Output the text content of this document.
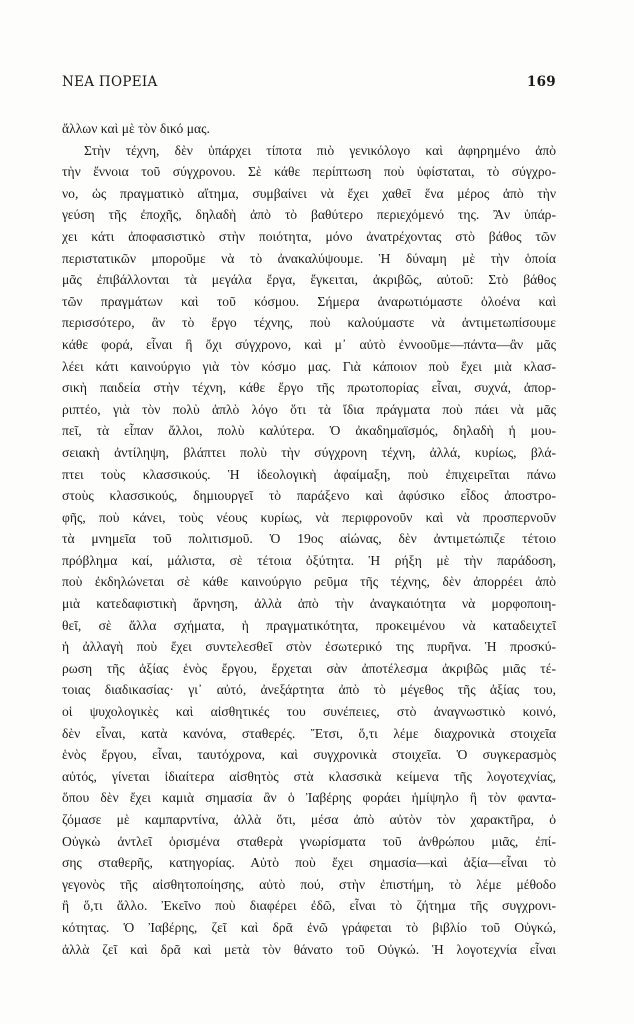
ΝΕΑ ΠΟΡΕΙΑ	169
ἄλλων καὶ μὲ τὸν δικό μας.
Στὴν τέχνη, δὲν ὑπάρχει τίποτα πιὸ γενικόλογο καὶ ἀφηρημένο ἀπὸ
τὴν ἔννοια τοῦ σύγχρονου. Σὲ κάθε περίπτωση ποὺ ὑφίσταται, τὸ σύγχρο-
νο, ὡς πραγματικὸ αἴτημα, συμβαίνει νὰ ἔχει χαθεῖ ἕνα μέρος ἀπὸ τὴν
γεύση τῆς ἐποχῆς, δηλαδὴ ἀπὸ τὸ βαθύτερο περιεχόμενό της. Ἂν ὑπάρ-
χει κάτι ἀποφασιστικὸ στὴν ποιότητα, μόνο ἀνατρέχοντας στὸ βάθος τῶν
περιστατικῶν μποροῦμε νὰ τὸ ἀνακαλύψουμε. Ἡ δύναμη μὲ τὴν ὁποία
μᾶς ἐπιβάλλονται τὰ μεγάλα ἔργα, ἔγκειται, ἀκριβῶς, αὐτοῦ: Στὸ βάθος
τῶν πραγμάτων καὶ τοῦ κόσμου. Σήμερα ἀναρωτιόμαστε ὁλοένα καὶ
περισσότερο, ἂν τὸ ἔργο τέχνης, ποὺ καλούμαστε νὰ ἀντιμετωπίσουμε
κάθε φορά, εἶναι ἢ ὄχι σύγχρονο, καὶ μ᾿ αὐτὸ ἐννοοῦμε—πάντα—ἂν μᾶς
λέει κάτι καινούργιο γιὰ τὸν κόσμο μας. Γιὰ κάποιον ποὺ ἔχει μιὰ κλασ-
σικὴ παιδεία στὴν τέχνη, κάθε ἔργο τῆς πρωτοπορίας εἶναι, συχνά, ἀπορ-
ριπτέο, γιὰ τὸν πολὺ ἁπλὸ λόγο ὅτι τὰ ἴδια πράγματα ποὺ πάει νὰ μᾶς
πεῖ, τὰ εἶπαν ἄλλοι, πολὺ καλύτερα. Ὁ ἀκαδημαϊσμός, δηλαδὴ ἡ μου-
σειακὴ ἀντίληψη, βλάπτει πολὺ τὴν σύγχρονη τέχνη, ἀλλά, κυρίως, βλά-
πτει τοὺς κλασσικούς. Ἡ ἰδεολογικὴ ἀφαίμαξη, ποὺ ἐπιχειρεῖται πάνω
στοὺς κλασσικούς, δημιουργεῖ τὸ παράξενο καὶ ἀφύσικο εἶδος ἀποστρο-
φῆς, ποὺ κάνει, τοὺς νέους κυρίως, νὰ περιφρονοῦν καὶ νὰ προσπερνοῦν
τὰ μνημεῖα τοῦ πολιτισμοῦ. Ὁ 19ος αἰώνας, δὲν ἀντιμετώπιζε τέτοιο
πρόβλημα καί, μάλιστα, σὲ τέτοια ὀξύτητα. Ἡ ρήξη μὲ τὴν παράδοση,
ποὺ ἐκδηλώνεται σὲ κάθε καινούργιο ρεῦμα τῆς τέχνης, δὲν ἀπορρέει ἀπὸ
μιὰ κατεδαφιστικὴ ἄρνηση, ἀλλὰ ἀπὸ τὴν ἀναγκαιότητα νὰ μορφοποιη-
θεῖ, σὲ ἄλλα σχήματα, ἡ πραγματικότητα, προκειμένου νὰ καταδειχτεῖ
ἡ ἀλλαγὴ ποὺ ἔχει συντελεσθεῖ στὸν ἐσωτερικό της πυρῆνα. Ἡ προσκύ-
ρωση τῆς ἀξίας ἑνὸς ἔργου, ἔρχεται σὰν ἀποτέλεσμα ἀκριβῶς μιᾶς τέ-
τοιας διαδικασίας· γι᾿ αὐτό, ἀνεξάρτητα ἀπὸ τὸ μέγεθος τῆς ἀξίας του,
οἱ ψυχολογικὲς καὶ αἰσθητικές του συνέπειες, στὸ ἀναγνωστικὸ κοινό,
δὲν εἶναι, κατὰ κανόνα, σταθερές. Ἔτσι, ὅ,τι λέμε διαχρονικὰ στοιχεῖα
ἑνὸς ἔργου, εἶναι, ταυτόχρονα, καὶ συγχρονικὰ στοιχεῖα. Ὁ συγκερασμὸς
αὐτός, γίνεται ἰδιαίτερα αἰσθητὸς στὰ κλασσικὰ κείμενα τῆς λογοτεχνίας,
ὅπου δὲν ἔχει καμιὰ σημασία ἂν ὁ Ἰαβέρης φοράει ἡμίψηλο ἢ τὸν φαντα-
ζόμασε μὲ καμπαρντίνα, ἀλλὰ ὅτι, μέσα ἀπὸ αὐτὸν τὸν χαρακτῆρα, ὁ
Οὐγκὼ ἀντλεῖ ὁρισμένα σταθερὰ γνωρίσματα τοῦ ἀνθρώπου μιᾶς, ἐπί-
σης σταθερῆς, κατηγορίας. Αὐτὸ ποὺ ἔχει σημασία—καὶ ἀξία—εἶναι τὸ
γεγονὸς τῆς αἰσθητοποίησης, αὐτὸ πού, στὴν ἐπιστήμη, τὸ λέμε μέθοδο
ἢ ὅ,τι ἄλλο. Ἐκεῖνο ποὺ διαφέρει ἐδῶ, εἶναι τὸ ζήτημα τῆς συγχρονι-
κότητας. Ὁ Ἰαβέρης, ζεῖ καὶ δρᾶ ἐνῶ γράφεται τὸ βιβλίο τοῦ Οὐγκώ,
ἀλλὰ ζεῖ καὶ δρᾶ καὶ μετὰ τὸν θάνατο τοῦ Οὐγκώ. Ἡ λογοτεχνία εἶναι
